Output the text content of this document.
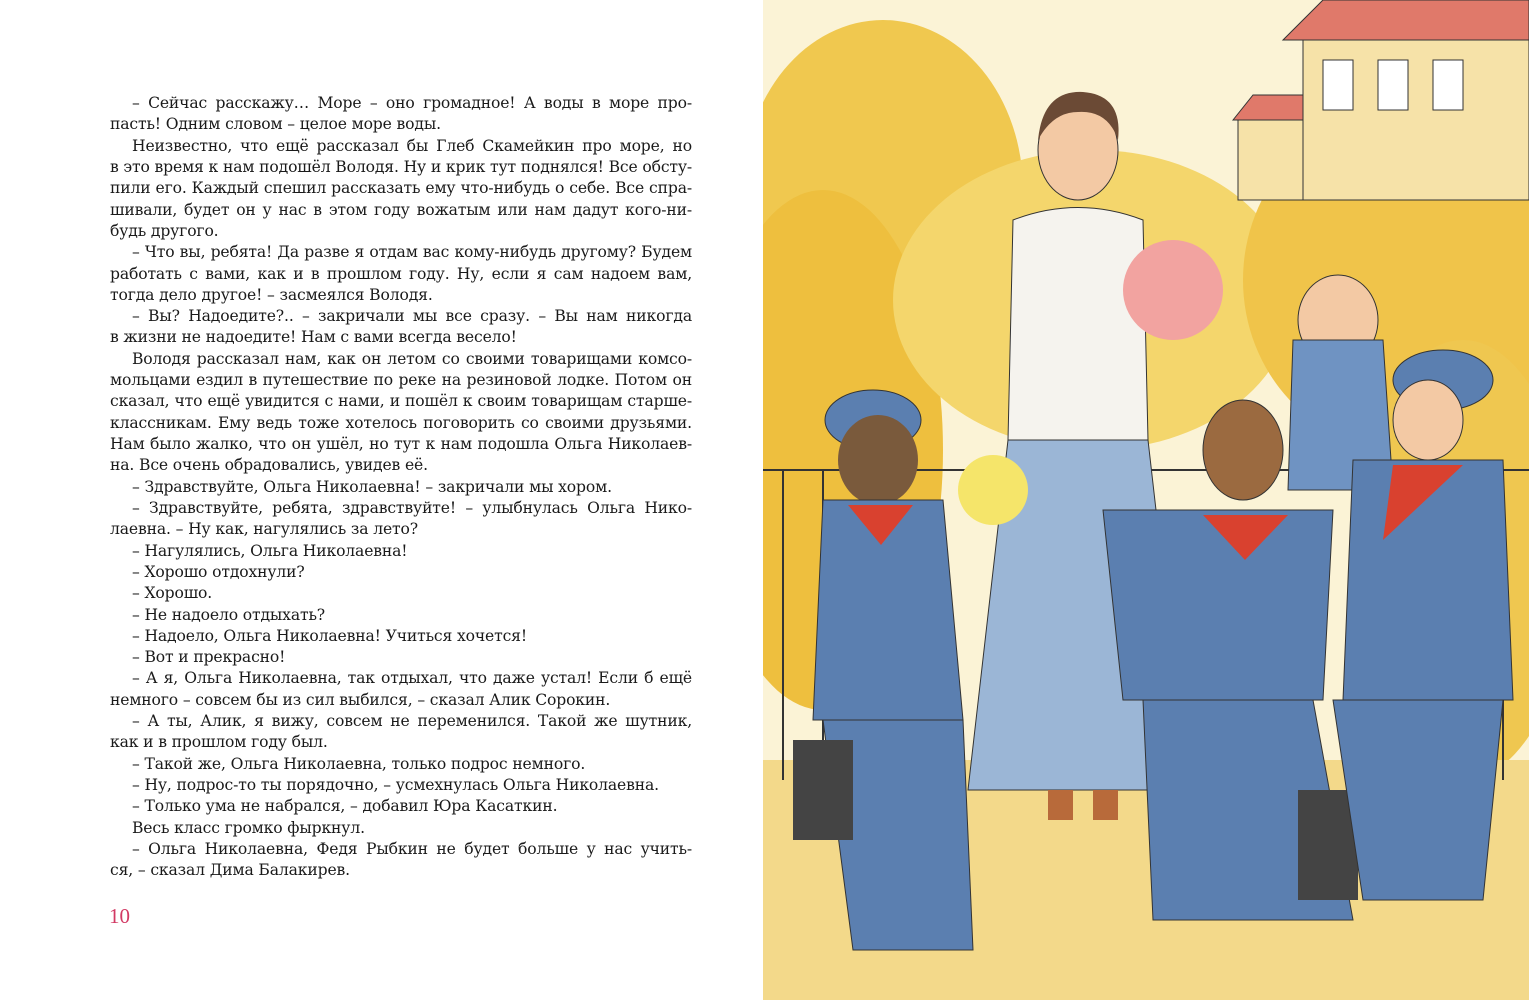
– Сейчас расскажу… Море – оно громадное! А воды в море про-
пасть! Одним словом – целое море воды.
Неизвестно, что ещё рассказал бы Глеб Скамейкин про море, но
в это время к нам подошёл Володя. Ну и крик тут поднялся! Все обсту-
пили его. Каждый спешил рассказать ему что-нибудь о себе. Все спра-
шивали, будет он у нас в этом году вожатым или нам дадут кого-ни-
будь другого.
– Что вы, ребята! Да разве я отдам вас кому-нибудь другому? Будем
работать с вами, как и в прошлом году. Ну, если я сам надоем вам,
тогда дело другое! – засмеялся Володя.
– Вы? Надоедите?.. – закричали мы все сразу. – Вы нам никогда
в жизни не надоедите! Нам с вами всегда весело!
Володя рассказал нам, как он летом со своими товарищами комсо-
мольцами ездил в путешествие по реке на резиновой лодке. Потом он
сказал, что ещё увидится с нами, и пошёл к своим товарищам старше-
классникам. Ему ведь тоже хотелось поговорить со своими друзьями.
Нам было жалко, что он ушёл, но тут к нам подошла Ольга Николаев-
на. Все очень обрадовались, увидев её.
– Здравствуйте, Ольга Николаевна! – закричали мы хором.
– Здравствуйте, ребята, здравствуйте! – улыбнулась Ольга Нико-
лаевна. – Ну как, нагулялись за лето?
– Нагулялись, Ольга Николаевна!
– Хорошо отдохнули?
– Хорошо.
– Не надоело отдыхать?
– Надоело, Ольга Николаевна! Учиться хочется!
– Вот и прекрасно!
– А я, Ольга Николаевна, так отдыхал, что даже устал! Если б ещё
немного – совсем бы из сил выбился, – сказал Алик Сорокин.
– А ты, Алик, я вижу, совсем не переменился. Такой же шутник,
как и в прошлом году был.
– Такой же, Ольга Николаевна, только подрос немного.
– Ну, подрос-то ты порядочно, – усмехнулась Ольга Николаевна.
– Только ума не набрался, – добавил Юра Касаткин.
Весь класс громко фыркнул.
– Ольга Николаевна, Федя Рыбкин не будет больше у нас учить-
ся, – сказал Дима Балакирев.
10
